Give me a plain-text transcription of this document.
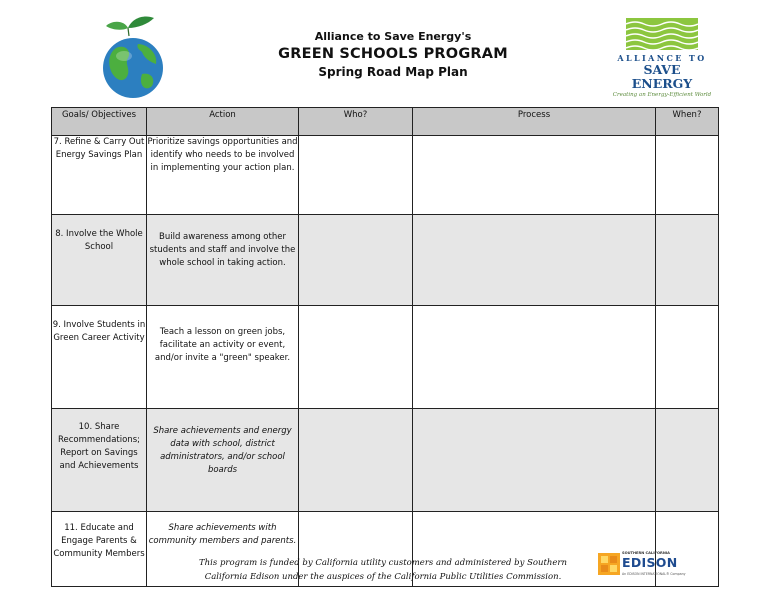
Alliance to Save Energy's
GREEN SCHOOLS PROGRAM
Spring Road Map Plan
ALLIANCE TO
SAVE ENERGY
Creating an Energy-Efficient World
Goals/ Objectives	Action	Who?	Process	When?
7. Refine & Carry Out Energy Savings Plan	Prioritize savings opportunities and identify who needs to be involved in implementing your action plan.			
8. Involve the Whole School	Build awareness among other students and staff and involve the whole school in taking action.			
9. Involve Students in Green Career Activity	Teach a lesson on green jobs, facilitate an activity or event, and/or invite a "green" speaker.			
10. Share Recommendations; Report on Savings and Achievements	Share achievements and energy data with school, district administrators, and/or school boards			
11. Educate and Engage Parents & Community Members	Share achievements with community members and parents.			
This program is funded by California utility customers and administered by Southern California Edison under the auspices of the California Public Utilities Commission.
SOUTHERN CALIFORNIA
EDISON
An EDISON INTERNATIONAL® Company
